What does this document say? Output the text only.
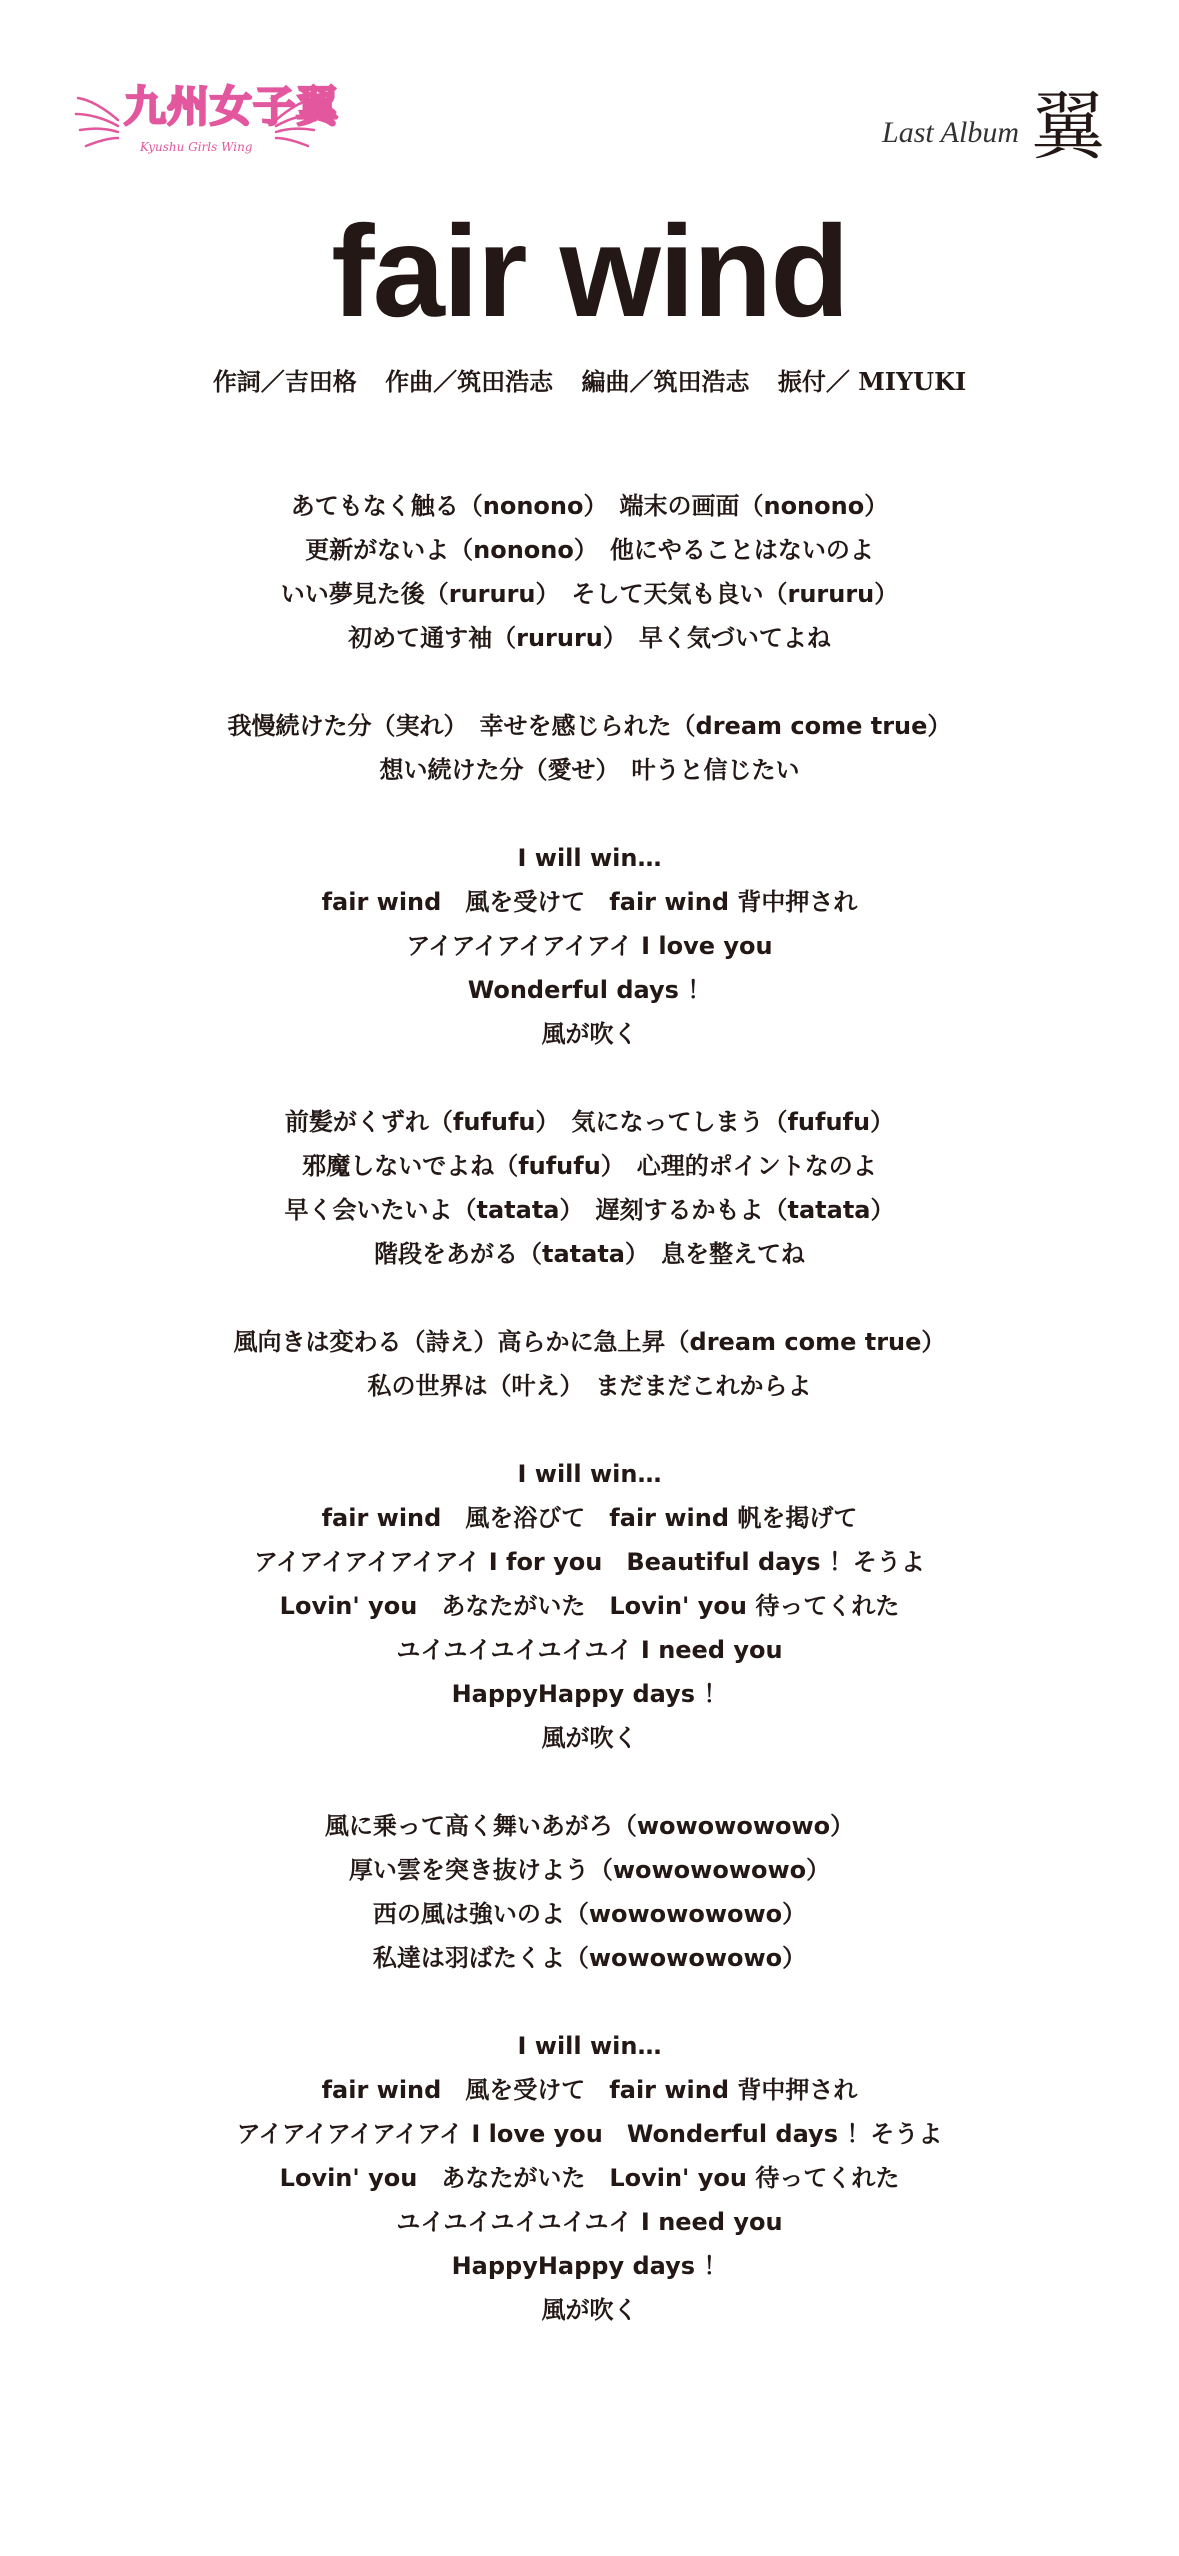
九州女子翼
Kyushu Girls Wing	Last Album 翼
fair wind
作詞／吉田格 作曲／筑田浩志 編曲／筑田浩志 振付／ MIYUKI
あてもなく触る（nonono）　端末の画面（nonono）
更新がないよ（nonono）　他にやることはないのよ
いい夢見た後（rururu）　そして天気も良い（rururu）
初めて通す袖（rururu）　早く気づいてよね
我慢続けた分（実れ）　幸せを感じられた（dream come true）
想い続けた分（愛せ）　叶うと信じたい
I will win…
fair wind　風を受けて　fair wind 背中押され
アイアイアイアイアイ I love you
Wonderful days ！
風が吹く
前髪がくずれ（fufufu）　気になってしまう（fufufu）
邪魔しないでよね（fufufu）　心理的ポイントなのよ
早く会いたいよ（tatata）　遅刻するかもよ（tatata）
階段をあがる（tatata）　息を整えてね
風向きは変わる（詩え）高らかに急上昇（dream come true）
私の世界は（叶え）　まだまだこれからよ
I will win…
fair wind　風を浴びて　fair wind 帆を掲げて
アイアイアイアイアイ I for you　Beautiful days ！そうよ
Lovin' you　あなたがいた　Lovin' you 待ってくれた
ユイユイユイユイユイ I need you
HappyHappy days ！
風が吹く
風に乗って高く舞いあがろ（wowowowowo）
厚い雲を突き抜けよう（wowowowowo）
西の風は強いのよ（wowowowowo）
私達は羽ばたくよ（wowowowowo）
I will win…
fair wind　風を受けて　fair wind 背中押され
アイアイアイアイアイ I love you　Wonderful days ！そうよ
Lovin' you　あなたがいた　Lovin' you 待ってくれた
ユイユイユイユイユイ I need you
HappyHappy days ！
風が吹く
